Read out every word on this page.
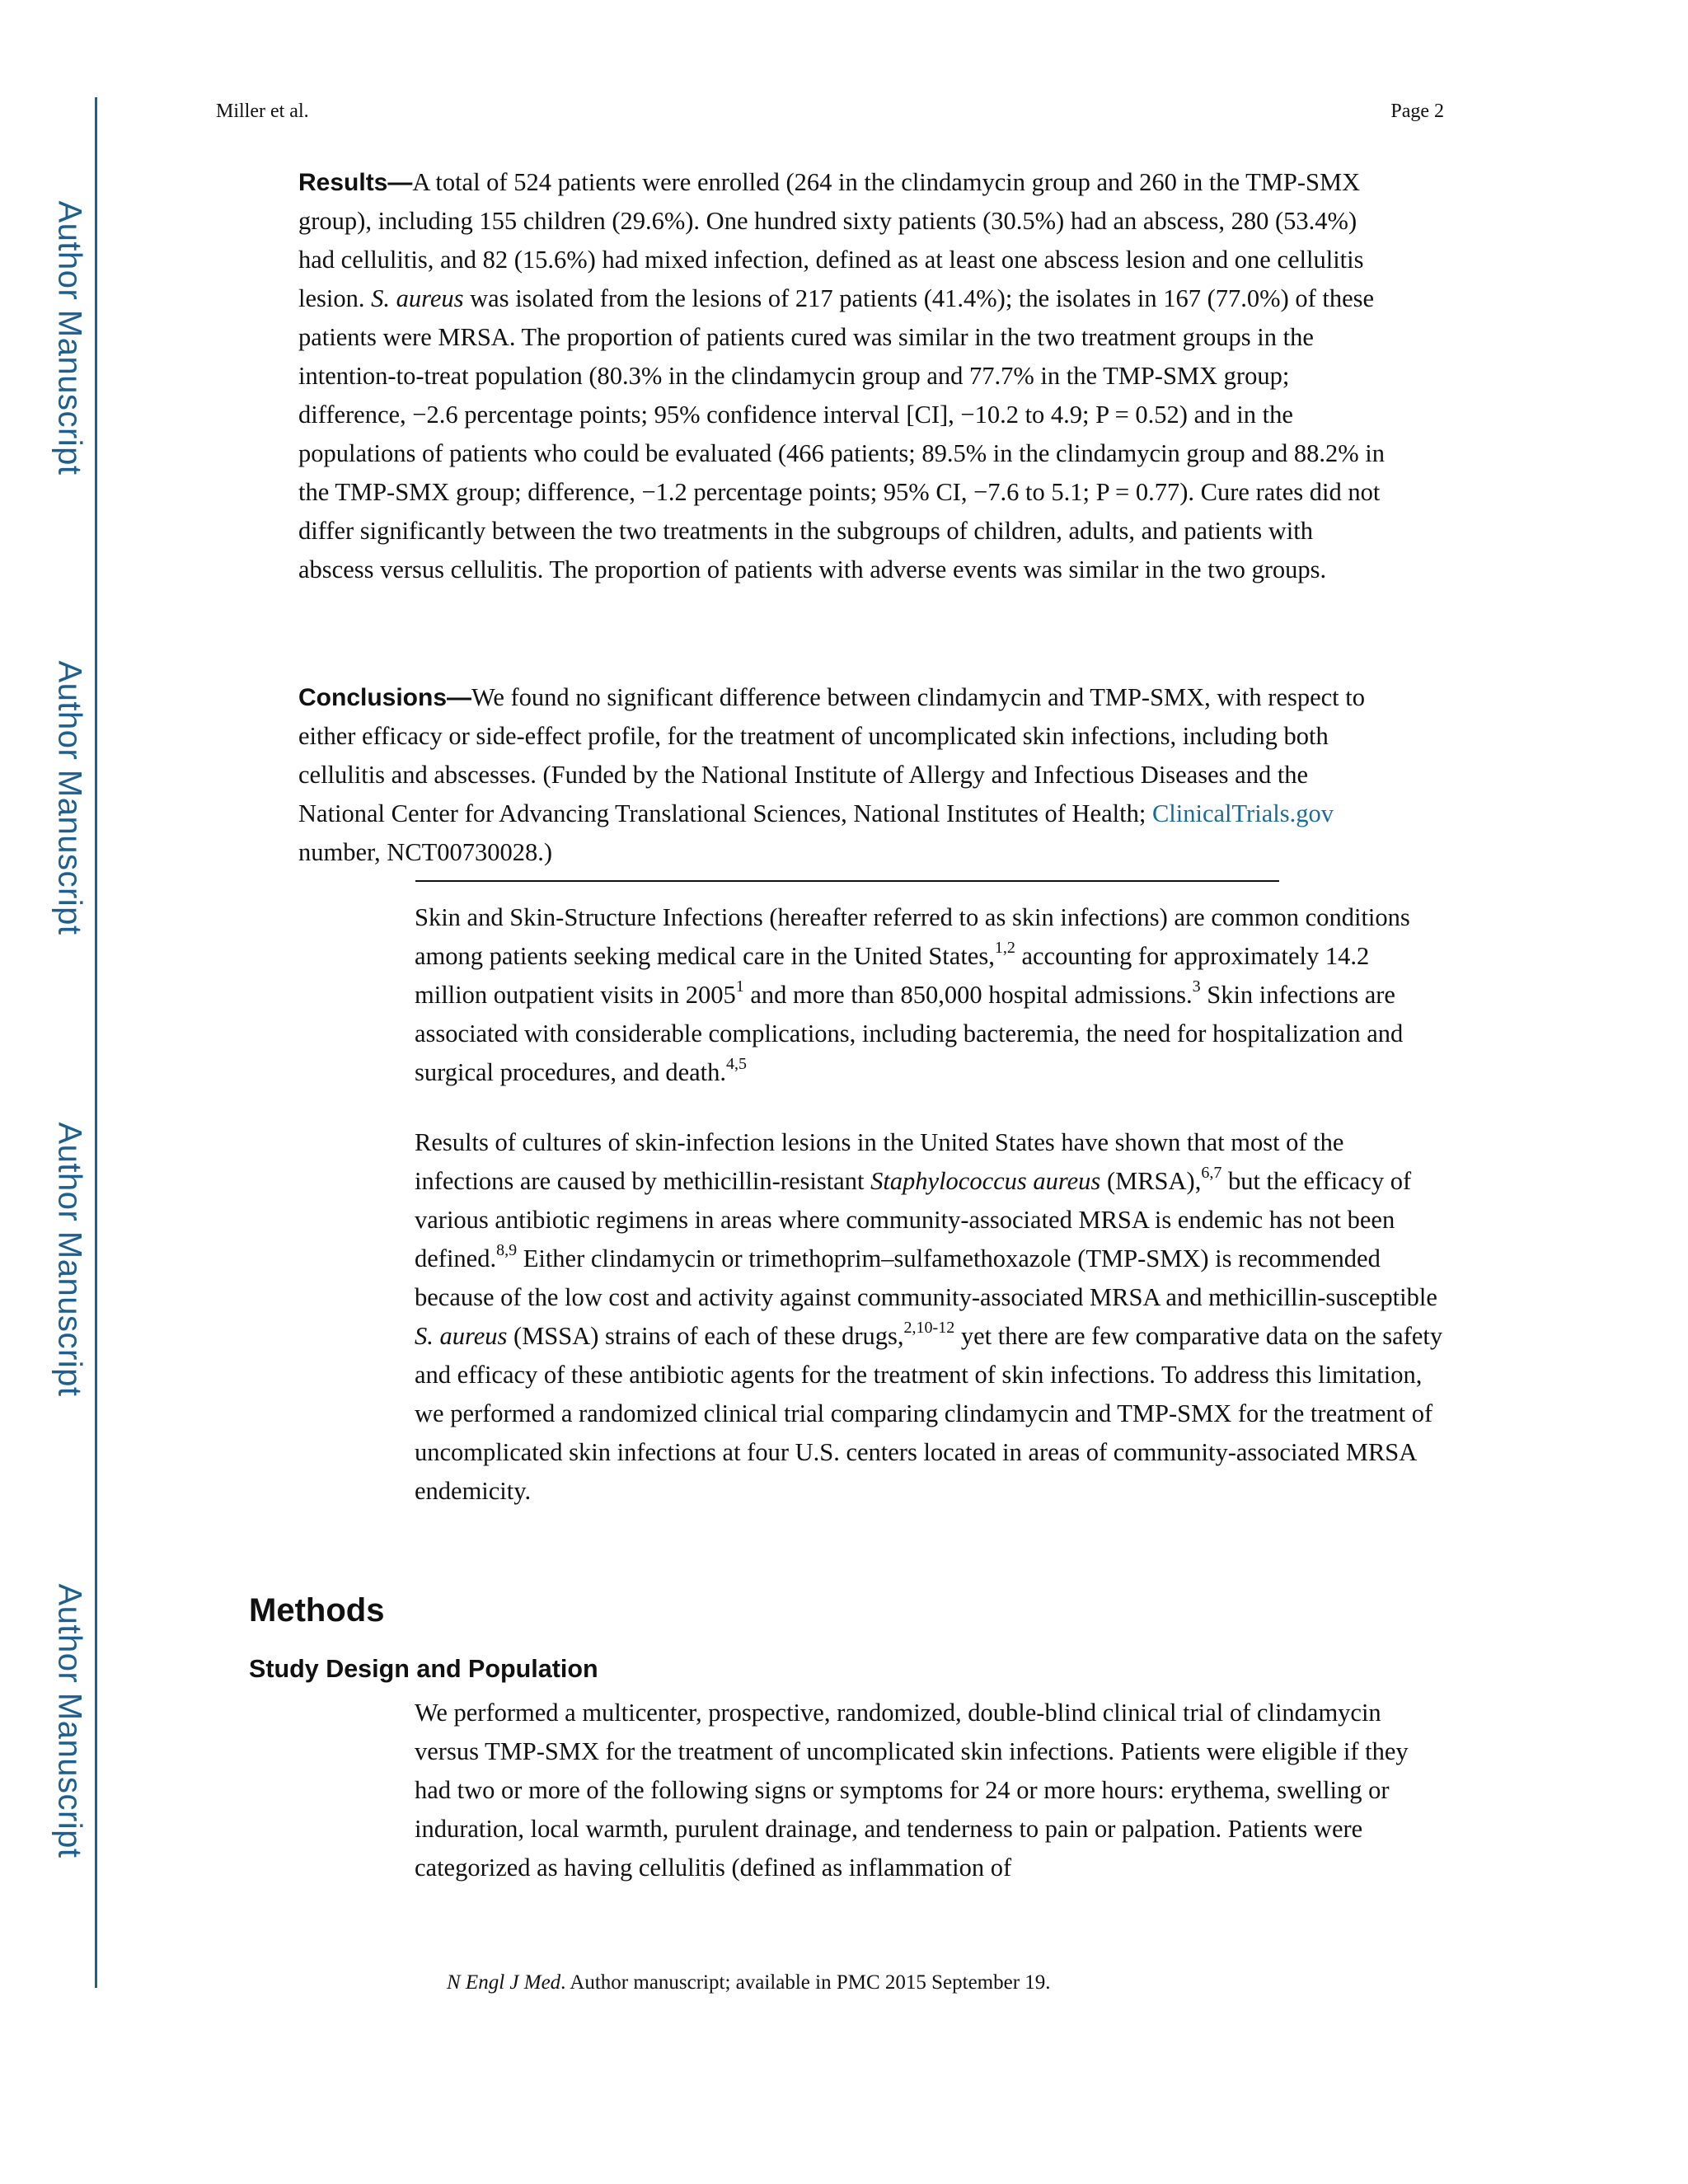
Author Manuscript
Author Manuscript
Author Manuscript
Author Manuscript
Miller et al.	Page 2

Results—A total of 524 patients were enrolled (264 in the clindamycin group and 260 in the TMP-SMX group), including 155 children (29.6%). One hundred sixty patients (30.5%) had an abscess, 280 (53.4%) had cellulitis, and 82 (15.6%) had mixed infection, defined as at least one abscess lesion and one cellulitis lesion. S. aureus was isolated from the lesions of 217 patients (41.4%); the isolates in 167 (77.0%) of these patients were MRSA. The proportion of patients cured was similar in the two treatment groups in the intention-to-treat population (80.3% in the clindamycin group and 77.7% in the TMP-SMX group; difference, −2.6 percentage points; 95% confidence interval [CI], −10.2 to 4.9; P = 0.52) and in the populations of patients who could be evaluated (466 patients; 89.5% in the clindamycin group and 88.2% in the TMP-SMX group; difference, −1.2 percentage points; 95% CI, −7.6 to 5.1; P = 0.77). Cure rates did not differ significantly between the two treatments in the subgroups of children, adults, and patients with abscess versus cellulitis. The proportion of patients with adverse events was similar in the two groups.

Conclusions—We found no significant difference between clindamycin and TMP-SMX, with respect to either efficacy or side-effect profile, for the treatment of uncomplicated skin infections, including both cellulitis and abscesses. (Funded by the National Institute of Allergy and Infectious Diseases and the National Center for Advancing Translational Sciences, National Institutes of Health; ClinicalTrials.gov number, NCT00730028.)

Skin and Skin-Structure Infections (hereafter referred to as skin infections) are common conditions among patients seeking medical care in the United States,$^{1,2}$ accounting for approximately 14.2 million outpatient visits in 2005$^1$ and more than 850,000 hospital admissions.$^3$ Skin infections are associated with considerable complications, including bacteremia, the need for hospitalization and surgical procedures, and death.$^{4,5}$

Results of cultures of skin-infection lesions in the United States have shown that most of the infections are caused by methicillin-resistant Staphylococcus aureus (MRSA),$^{6,7}$ but the efficacy of various antibiotic regimens in areas where community-associated MRSA is endemic has not been defined.$^{8,9}$ Either clindamycin or trimethoprim–sulfamethoxazole (TMP-SMX) is recommended because of the low cost and activity against community-associated MRSA and methicillin-susceptible S. aureus (MSSA) strains of each of these drugs,$^{2,10-12}$ yet there are few comparative data on the safety and efficacy of these antibiotic agents for the treatment of skin infections. To address this limitation, we performed a randomized clinical trial comparing clindamycin and TMP-SMX for the treatment of uncomplicated skin infections at four U.S. centers located in areas of community-associated MRSA endemicity.

Methods
Study Design and Population

We performed a multicenter, prospective, randomized, double-blind clinical trial of clindamycin versus TMP-SMX for the treatment of uncomplicated skin infections. Patients were eligible if they had two or more of the following signs or symptoms for 24 or more hours: erythema, swelling or induration, local warmth, purulent drainage, and tenderness to pain or palpation. Patients were categorized as having cellulitis (defined as inflammation of

N Engl J Med. Author manuscript; available in PMC 2015 September 19.
